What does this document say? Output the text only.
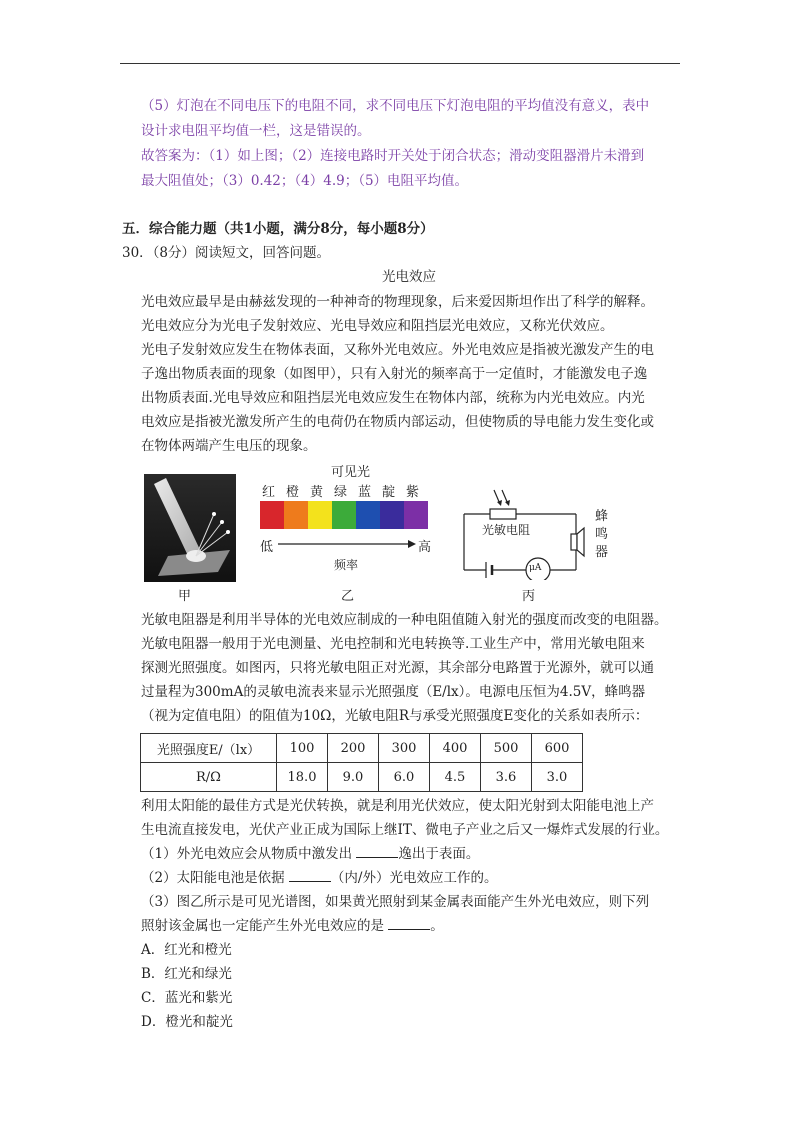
（5）灯泡在不同电压下的电阻不同，求不同电压下灯泡电阻的平均值没有意义，表中
设计求电阻平均值一栏，这是错误的。
故答案为：（1）如上图；（2）连接电路时开关处于闭合状态；滑动变阻器滑片未滑到
最大阻值处；（3）0.42；（4）4.9；（5）电阻平均值。
五．综合能力题（共1小题，满分8分，每小题8分）
30．（8分）阅读短文，回答问题。
光电效应
光电效应最早是由赫兹发现的一种神奇的物理现象，后来爱因斯坦作出了科学的解释。
光电效应分为光电子发射效应、光电导效应和阻挡层光电效应，又称光伏效应。
光电子发射效应发生在物体表面，又称外光电效应。外光电效应是指被光激发产生的电
子逸出物质表面的现象（如图甲），只有入射光的频率高于一定值时，才能激发电子逸
出物质表面.光电导效应和阻挡层光电效应发生在物体内部，统称为内光电效应。内光
电效应是指被光激发所产生的电荷仍在物质内部运动，但使物质的导电能力发生变化或
在物体两端产生电压的现象。
可见光
红 橙 黄 绿 蓝 靛 紫
低	高
频率
光敏电阻
μA
蜂鸣器
甲	乙	丙
光敏电阻器是利用半导体的光电效应制成的一种电阻值随入射光的强度而改变的电阻器。
光敏电阻器一般用于光电测量、光电控制和光电转换等.工业生产中，常用光敏电阻来
探测光照强度。如图丙，只将光敏电阻正对光源，其余部分电路置于光源外，就可以通
过量程为300mA的灵敏电流表来显示光照强度（E/lx）。电源电压恒为4.5V，蜂鸣器
（视为定值电阻）的阻值为10Ω，光敏电阻R与承受光照强度E变化的关系如表所示：
光照强度E/（lx）	100	200	300	400	500	600
R/Ω	18.0	9.0	6.0	4.5	3.6	3.0
利用太阳能的最佳方式是光伏转换，就是利用光伏效应，使太阳光射到太阳能电池上产
生电流直接发电，光伏产业正成为国际上继IT、微电子产业之后又一爆炸式发展的行业。
（1）外光电效应会从物质中激发出	逸出于表面。
（2）太阳能电池是依据	（内/外）光电效应工作的。
（3）图乙所示是可见光谱图，如果黄光照射到某金属表面能产生外光电效应，则下列
照射该金属也一定能产生外光电效应的是	。
A．红光和橙光
B．红光和绿光
C．蓝光和紫光
D．橙光和靛光
